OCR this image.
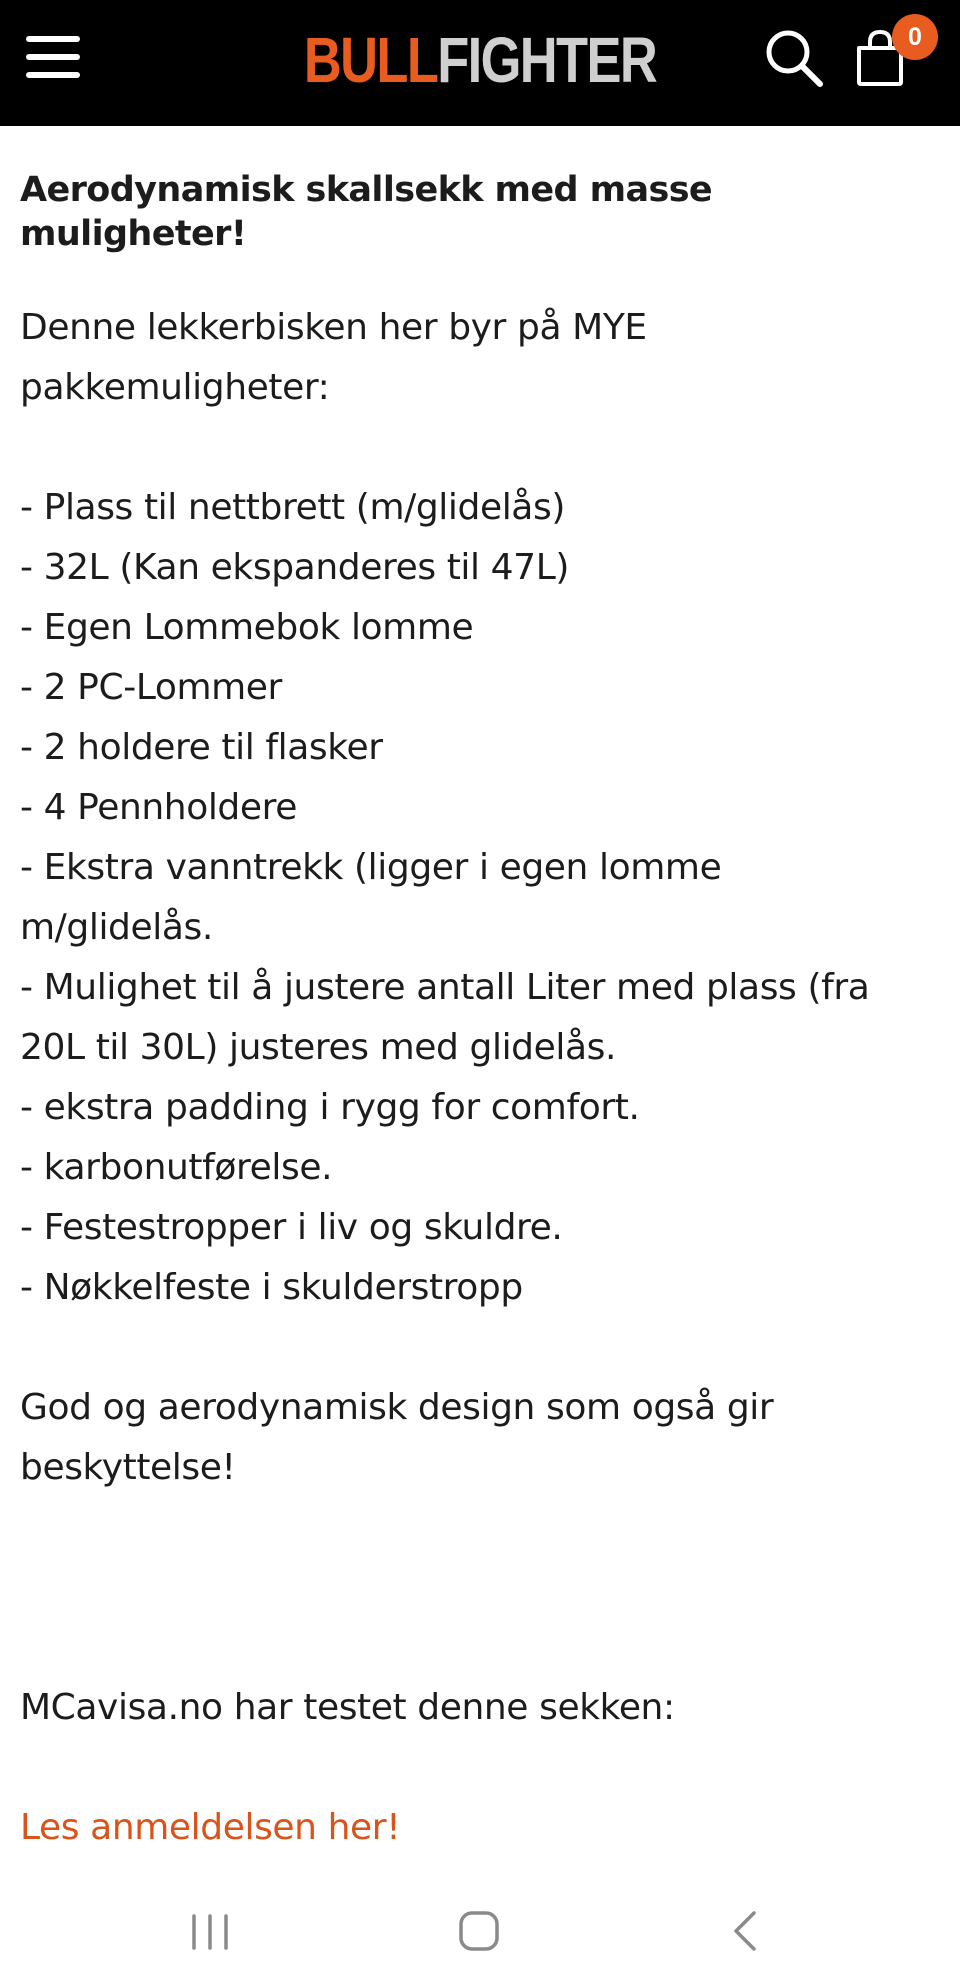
BULLFIGHTER	0
Aerodynamisk skallsekk med masse muligheter!

Denne lekkerbisken her byr på MYE

pakkemuligheter:

- Plass til nettbrett (m/glidelås)

- 32L (Kan ekspanderes til 47L)

- Egen Lommebok lomme

- 2 PC-Lommer

- 2 holdere til flasker

- 4 Pennholdere

- Ekstra vanntrekk (ligger i egen lomme

m/glidelås.

- Mulighet til å justere antall Liter med plass (fra

20L til 30L) justeres med glidelås.

- ekstra padding i rygg for comfort.

- karbonutførelse.

- Festestropper i liv og skuldre.

- Nøkkelfeste i skulderstropp

God og aerodynamisk design som også gir

beskyttelse!

MCavisa.no har testet denne sekken:

Les anmeldelsen her!
